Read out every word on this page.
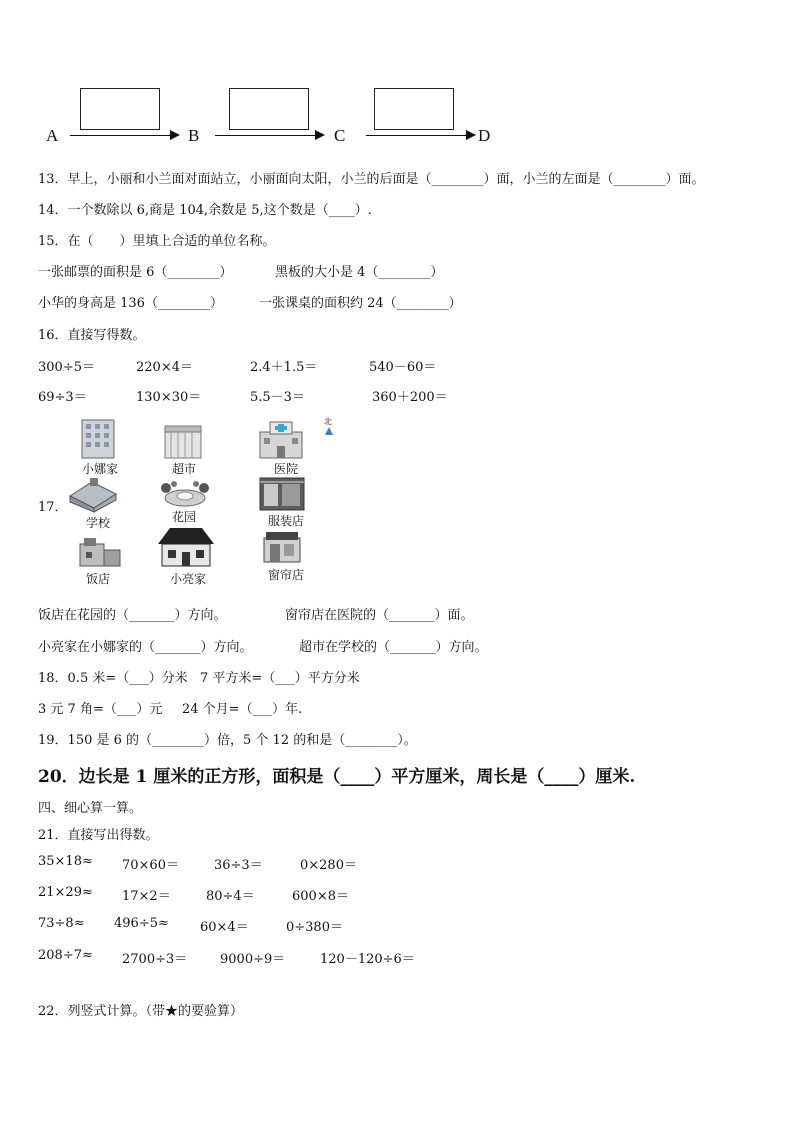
A	B	C	D
13．早上，小丽和小兰面对面站立，小丽面向太阳，小兰的后面是（________）面，小兰的左面是（________）面。
14．一个数除以 6,商是 104,余数是 5,这个数是（____）.
15．在（　　）里填上合适的单位名称。
一张邮票的面积是 6（________）	黑板的大小是 4（________）
小华的身高是 136（________）	一张课桌的面积约 24（________）
16．直接写得数。
300÷5＝	220×4＝	2.4＋1.5＝	540－60＝
69÷3＝	130×30＝	5.5－3＝	360＋200＝
17．
北
小娜家	超市	医院
学校	花园	服装店
饭店	小亮家	窗帘店
饭店在花园的（_______）方向。	窗帘店在医院的（_______）面。
小亮家在小娜家的（_______）方向。	超市在学校的（_______）方向。
18．0.5 米=（___）分米 7 平方米=（___）平方分米
3 元 7 角=（___）元 24 个月=（___）年.
19．150 是 6 的（________）倍，5 个 12 的和是（________）。
20．边长是 1 厘米的正方形，面积是（____）平方厘米，周长是（____）厘米.
四、细心算一算。
21．直接写出得数。
35×18≈ 70×60＝	36÷3＝	0×280＝
21×29≈ 17×2＝	80÷4＝	600×8＝
73÷8≈ 496÷5≈ 60×4＝	0÷380＝
208÷7≈ 2700÷3＝	9000÷9＝	120－120÷6＝
22．列竖式计算。（带★的要验算）
